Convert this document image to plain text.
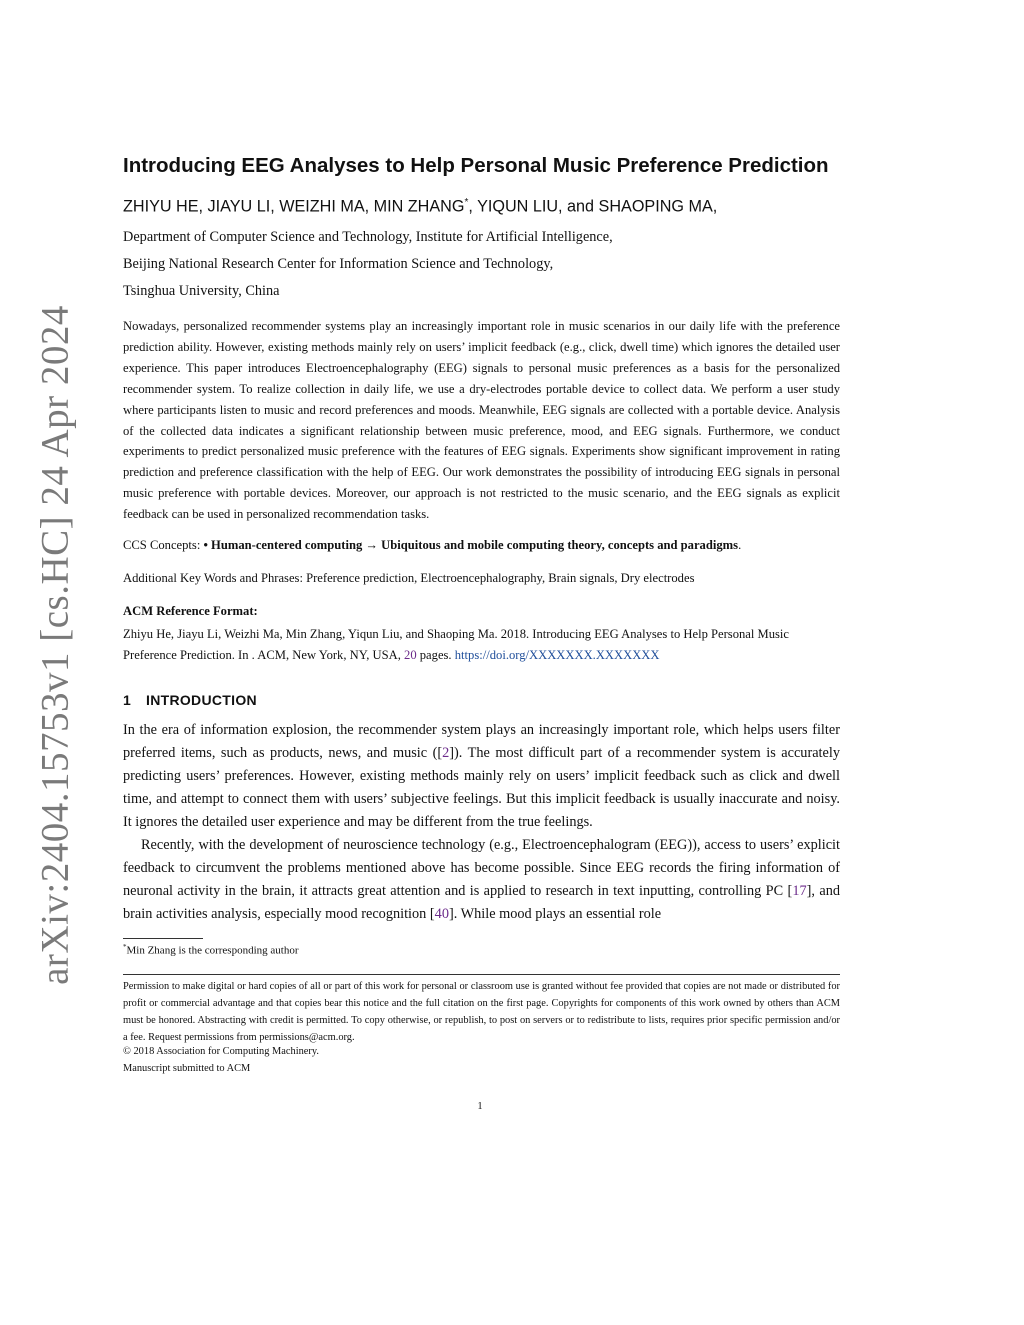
arXiv:2404.15753v1 [cs.HC] 24 Apr 2024
Introducing EEG Analyses to Help Personal Music Preference Prediction
ZHIYU HE, JIAYU LI, WEIZHI MA, MIN ZHANG*, YIQUN LIU, and SHAOPING MA,
Department of Computer Science and Technology, Institute for Artificial Intelligence,
Beijing National Research Center for Information Science and Technology,
Tsinghua University, China
Nowadays, personalized recommender systems play an increasingly important role in music scenarios in our daily life with the preference prediction ability. However, existing methods mainly rely on users’ implicit feedback (e.g., click, dwell time) which ignores the detailed user experience. This paper introduces Electroencephalography (EEG) signals to personal music preferences as a basis for the personalized recommender system. To realize collection in daily life, we use a dry-electrodes portable device to collect data. We perform a user study where participants listen to music and record preferences and moods. Meanwhile, EEG signals are collected with a portable device. Analysis of the collected data indicates a significant relationship between music preference, mood, and EEG signals. Furthermore, we conduct experiments to predict personalized music preference with the features of EEG signals. Experiments show significant improvement in rating prediction and preference classification with the help of EEG. Our work demonstrates the possibility of introducing EEG signals in personal music preference with portable devices. Moreover, our approach is not restricted to the music scenario, and the EEG signals as explicit feedback can be used in personalized recommendation tasks.
CCS Concepts: • Human-centered computing → Ubiquitous and mobile computing theory, concepts and paradigms.
Additional Key Words and Phrases: Preference prediction, Electroencephalography, Brain signals, Dry electrodes
ACM Reference Format:
Zhiyu He, Jiayu Li, Weizhi Ma, Min Zhang, Yiqun Liu, and Shaoping Ma. 2018. Introducing EEG Analyses to Help Personal Music Preference Prediction. In . ACM, New York, NY, USA, 20 pages. https://doi.org/XXXXXXX.XXXXXXX
1 INTRODUCTION
In the era of information explosion, the recommender system plays an increasingly important role, which helps users filter preferred items, such as products, news, and music ([2]). The most difficult part of a recommender system is accurately predicting users’ preferences. However, existing methods mainly rely on users’ implicit feedback such as click and dwell time, and attempt to connect them with users’ subjective feelings. But this implicit feedback is usually inaccurate and noisy. It ignores the detailed user experience and may be different from the true feelings.
Recently, with the development of neuroscience technology (e.g., Electroencephalogram (EEG)), access to users’ explicit feedback to circumvent the problems mentioned above has become possible. Since EEG records the firing information of neuronal activity in the brain, it attracts great attention and is applied to research in text inputting, controlling PC [17], and brain activities analysis, especially mood recognition [40]. While mood plays an essential role
*Min Zhang is the corresponding author
Permission to make digital or hard copies of all or part of this work for personal or classroom use is granted without fee provided that copies are not made or distributed for profit or commercial advantage and that copies bear this notice and the full citation on the first page. Copyrights for components of this work owned by others than ACM must be honored. Abstracting with credit is permitted. To copy otherwise, or republish, to post on servers or to redistribute to lists, requires prior specific permission and/or a fee. Request permissions from permissions@acm.org.
© 2018 Association for Computing Machinery.
Manuscript submitted to ACM
1
